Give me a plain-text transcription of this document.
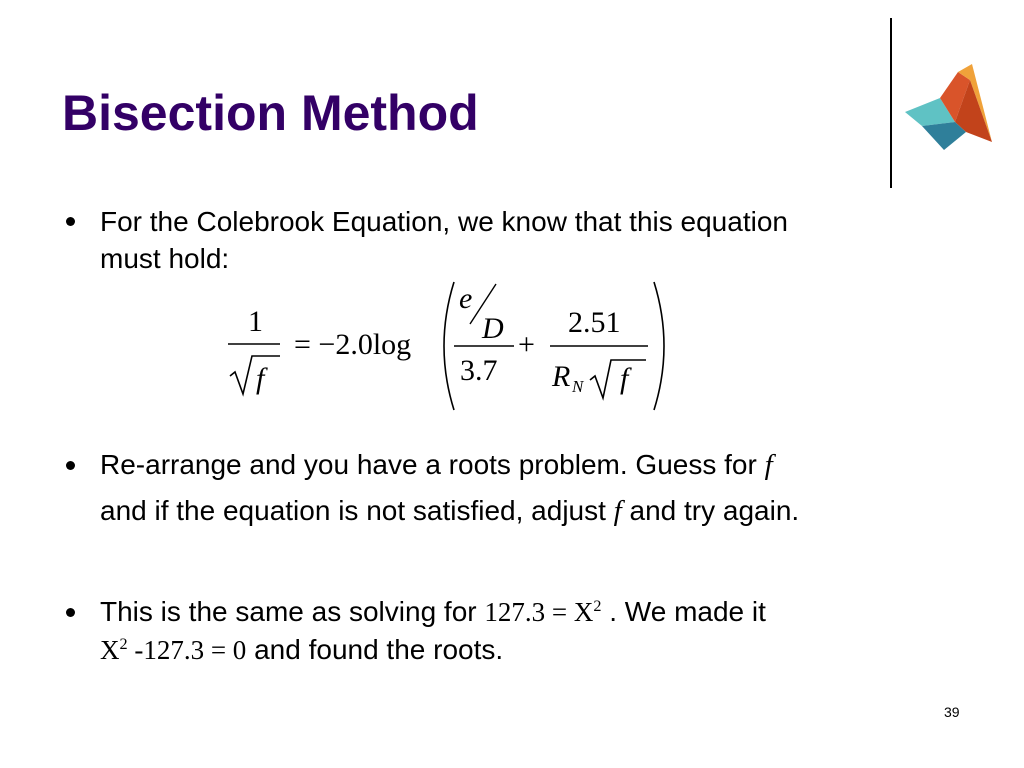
Bisection Method
For the Colebrook Equation, we know that this equation
must hold:
1
f
= −2.0log
e
D
3.7
+
2.51
R N f
Re-arrange and you have a roots problem. Guess for f
and if the equation is not satisfied, adjust f and try again.
This is the same as solving for $127.3 = X^2$ . We made it
$X^2$ -127.3 = 0 and found the roots.
39
